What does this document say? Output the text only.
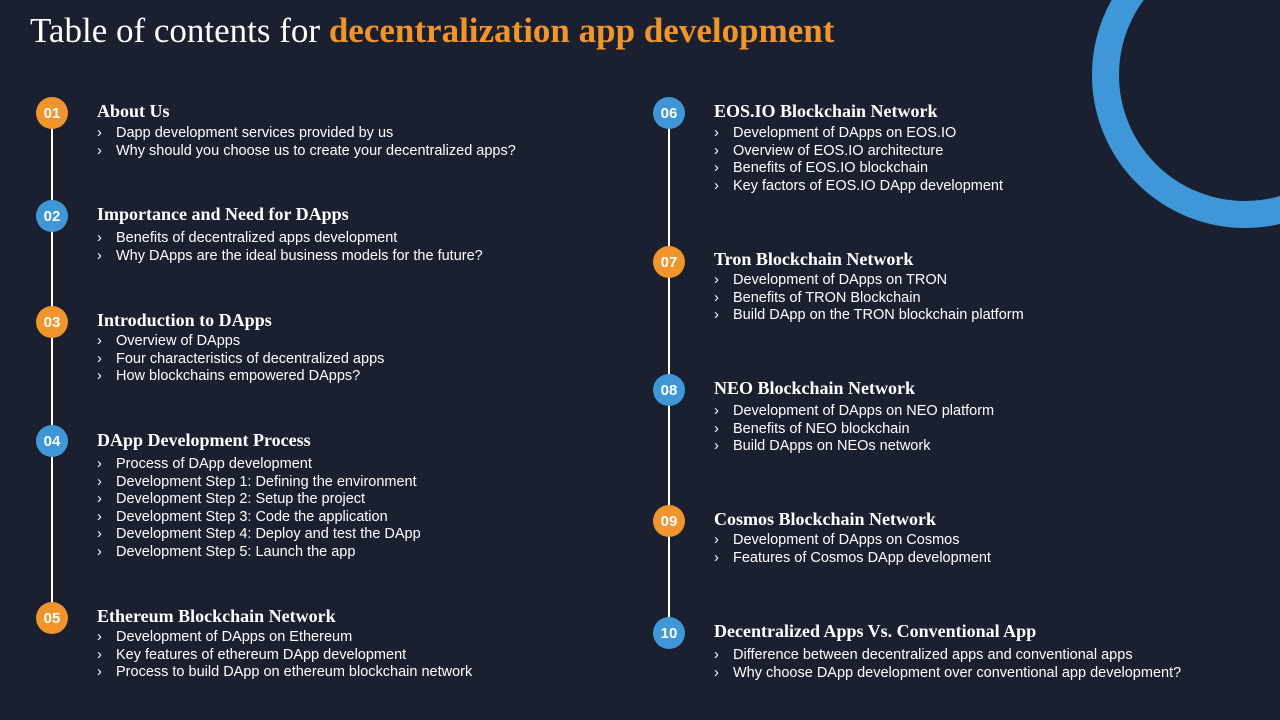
Table of contents for decentralization app development
01	About Us
› Dapp development services provided by us
› Why should you choose us to create your decentralized apps?
02	Importance and Need for DApps
› Benefits of decentralized apps development
› Why DApps are the ideal business models for the future?
03	Introduction to DApps
› Overview of DApps
› Four characteristics of decentralized apps
› How blockchains empowered DApps?
04	DApp Development Process
› Process of DApp development
› Development Step 1: Defining the environment
› Development Step 2: Setup the project
› Development Step 3: Code the application
› Development Step 4: Deploy and test the DApp
› Development Step 5: Launch the app
05	Ethereum Blockchain Network
› Development of DApps on Ethereum
› Key features of ethereum DApp development
› Process to build DApp on ethereum blockchain network
06	EOS.IO Blockchain Network
› Development of DApps on EOS.IO
› Overview of EOS.IO architecture
› Benefits of EOS.IO blockchain
› Key factors of EOS.IO DApp development
07	Tron Blockchain Network
› Development of DApps on TRON
› Benefits of TRON Blockchain
› Build DApp on the TRON blockchain platform
08	NEO Blockchain Network
› Development of DApps on NEO platform
› Benefits of NEO blockchain
› Build DApps on NEOs network
09	Cosmos Blockchain Network
› Development of DApps on Cosmos
› Features of Cosmos DApp development
10	Decentralized Apps Vs. Conventional App
› Difference between decentralized apps and conventional apps
› Why choose DApp development over conventional app development?
